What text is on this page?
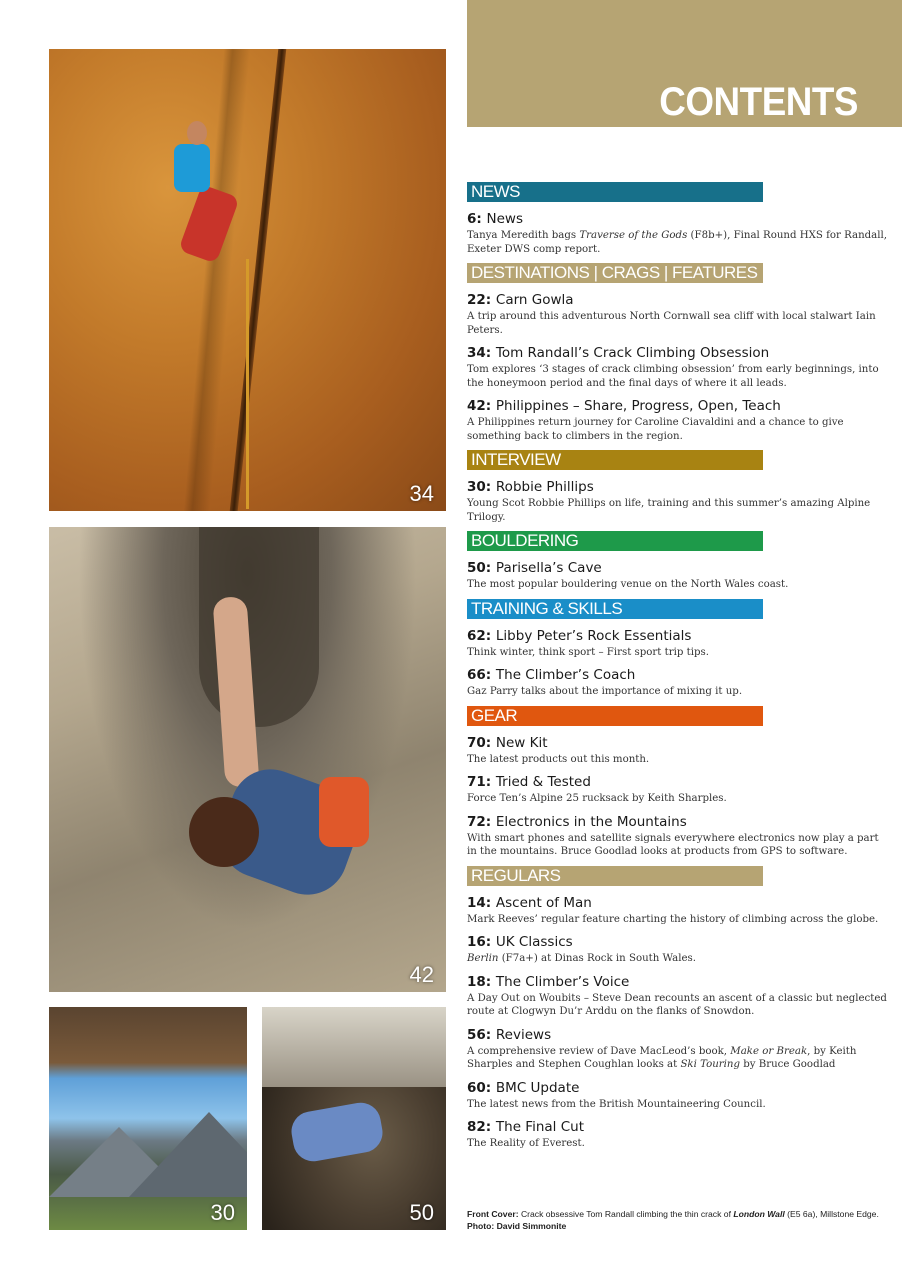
CONTENTS
34
42
30	50
NEWS
6: News
Tanya Meredith bags Traverse of the Gods (F8b+), Final Round HXS for Randall, Exeter DWS comp report.
DESTINATIONS | CRAGS | FEATURES
22: Carn Gowla
A trip around this adventurous North Cornwall sea cliff with local stalwart Iain Peters.
34: Tom Randall’s Crack Climbing Obsession
Tom explores ‘3 stages of crack climbing obsession’ from early beginnings, into the honeymoon period and the final days of where it all leads.
42: Philippines – Share, Progress, Open, Teach
A Philippines return journey for Caroline Ciavaldini and a chance to give something back to climbers in the region.
INTERVIEW
30: Robbie Phillips
Young Scot Robbie Phillips on life, training and this summer’s amazing Alpine Trilogy.
BOULDERING
50: Parisella’s Cave
The most popular bouldering venue on the North Wales coast.
TRAINING & SKILLS
62: Libby Peter’s Rock Essentials
Think winter, think sport – First sport trip tips.
66: The Climber’s Coach
Gaz Parry talks about the importance of mixing it up.
GEAR
70: New Kit
The latest products out this month.
71: Tried & Tested
Force Ten’s Alpine 25 rucksack by Keith Sharples.
72: Electronics in the Mountains
With smart phones and satellite signals everywhere electronics now play a part in the mountains. Bruce Goodlad looks at products from GPS to software.
REGULARS
14: Ascent of Man
Mark Reeves’ regular feature charting the history of climbing across the globe.
16: UK Classics
Berlin (F7a+) at Dinas Rock in South Wales.
18: The Climber’s Voice
A Day Out on Woubits – Steve Dean recounts an ascent of a classic but neglected route at Clogwyn Du’r Arddu on the flanks of Snowdon.
56: Reviews
A comprehensive review of Dave MacLeod’s book, Make or Break, by Keith Sharples and Stephen Coughlan looks at Ski Touring by Bruce Goodlad
60: BMC Update
The latest news from the British Mountaineering Council.
82: The Final Cut
The Reality of Everest.
Front Cover: Crack obsessive Tom Randall climbing the thin crack of London Wall (E5 6a), Millstone Edge.
Photo: David Simmonite
